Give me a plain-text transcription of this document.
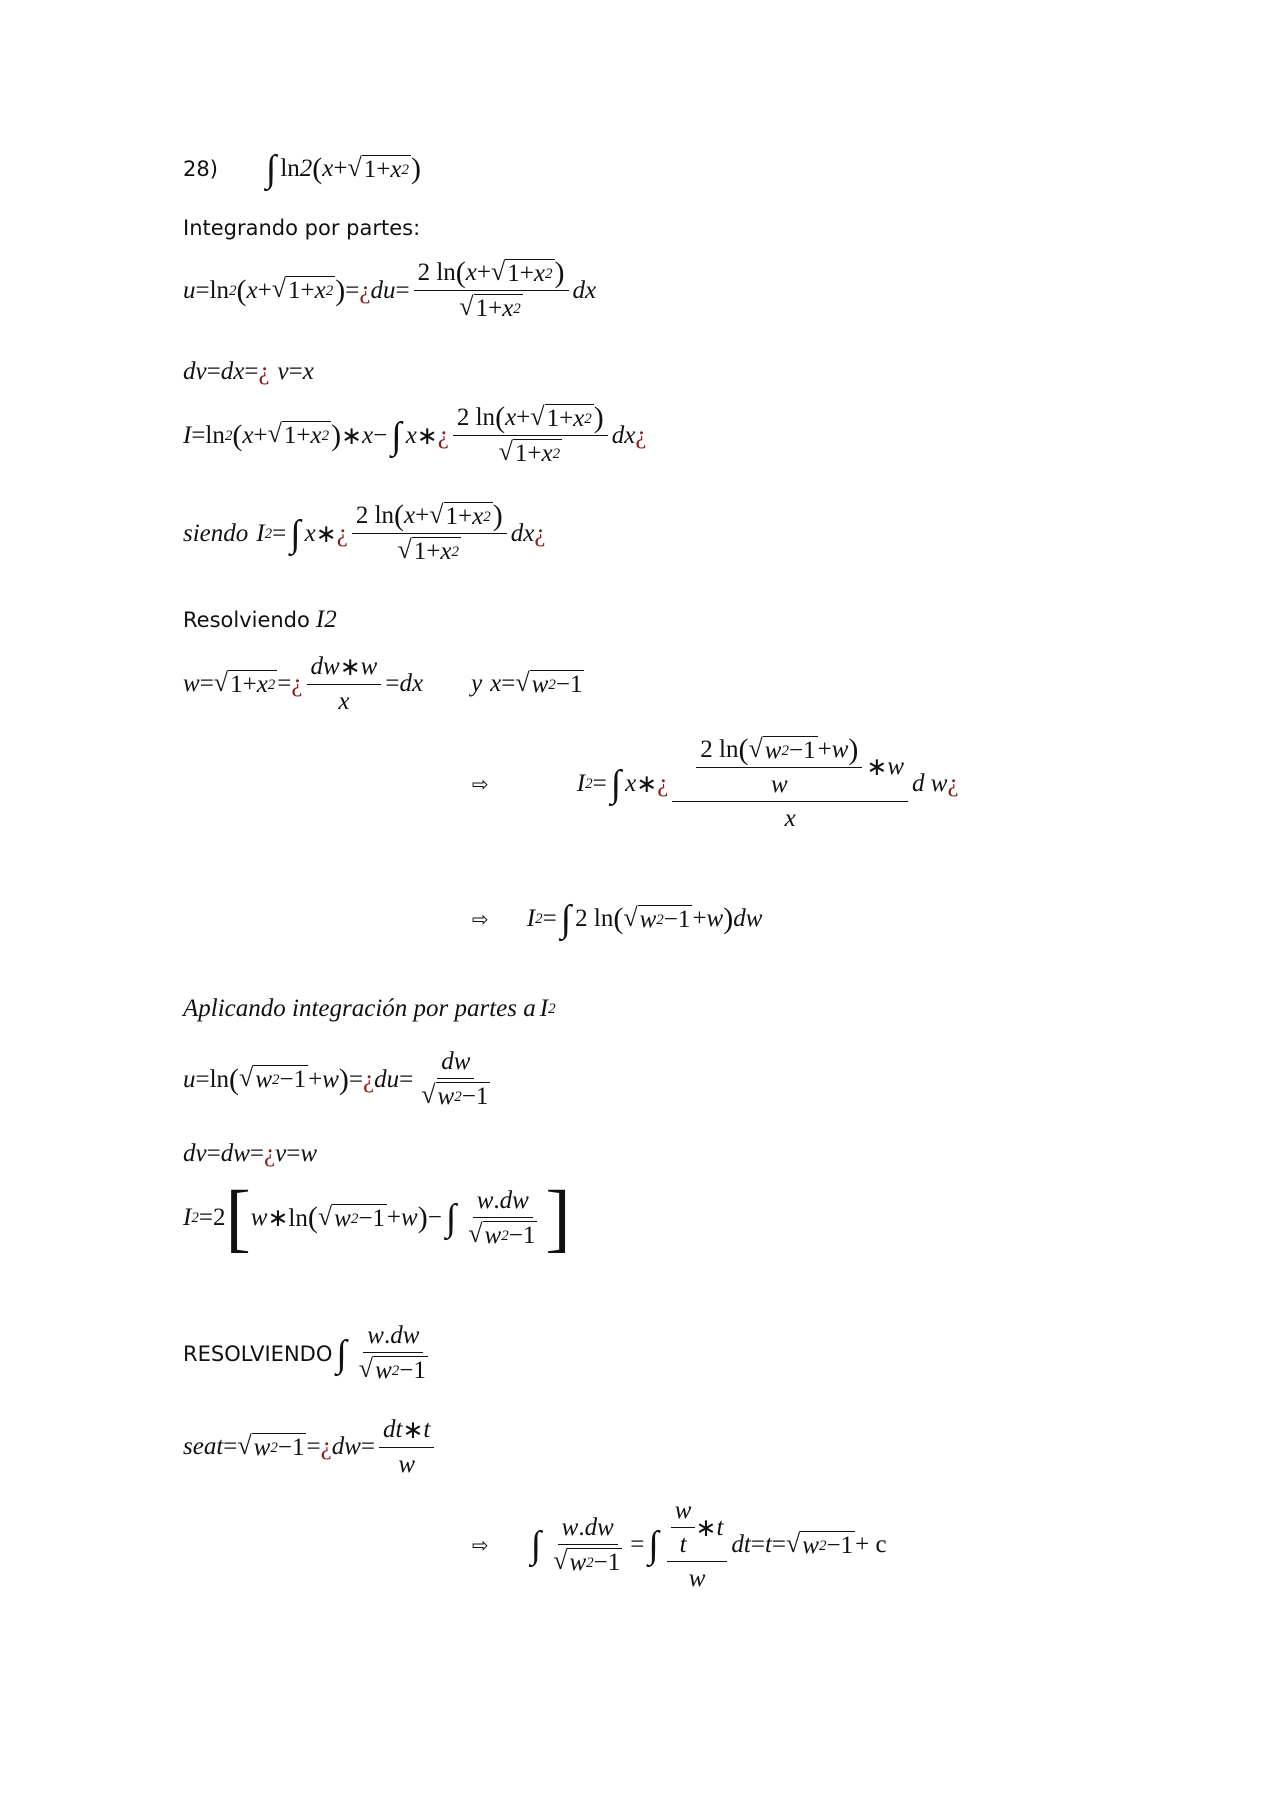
28) ∫ ln 2 ( x + √ 1+ x 2 )
Integrando por partes:
u =ln 2 ( x + √ 1+ x 2 ) = ¿ du = $\frac{2 \ln ( x + √ 1+ x 2 )}{√ 1+ x 2}$ dx
dv = dx = ¿ v = x
I =ln 2 ( x + √ 1+ x 2 ) ∗ x − ∫ x ∗ ¿ $\frac{2 \ln ( x + √ 1+ x 2 )}{√ 1+ x 2}$ dx ¿
siendo I 2 = ∫ x ∗ ¿ $\frac{2 \ln ( x + √ 1+ x 2 )}{√ 1+ x 2}$ dx ¿
Resolviendo I 2
w = √ 1+ x 2 = ¿ $\frac{dw ∗ w}{x}$ = dx y x = √ w 2 −1
⇨	I 2 = ∫ x ∗ ¿ $\frac{\frac{2 \ln ( √ w 2 -1 + w )}{w} ∗ w}{x}$ d w ¿
⇨ I 2 = ∫ 2 ln ( √ w 2 −1 + w ) dw
Aplicando integración por partes a I 2
u =ln ( √ w 2 −1 + w ) = ¿ du = $\frac{dw}{√ w 2 -1}$
dv = dw = ¿ v = w
I 2 = 2 [ w ∗ln ( √ w 2 −1 + w ) − ∫ $\frac{w . dw}{√ w 2 -1}$ ]
RESOLVIENDO ∫ $\frac{w . dw}{√ w 2 -1}$
sea t = √ w 2 −1 = ¿ dw = $\frac{dt ∗ t}{w}$
⇨ ∫ $\frac{w . dw}{√ w 2 -1}$ = ∫ $\frac{\frac{w}{t} ∗ t}{w}$ dt = t = √ w 2 −1 + c
